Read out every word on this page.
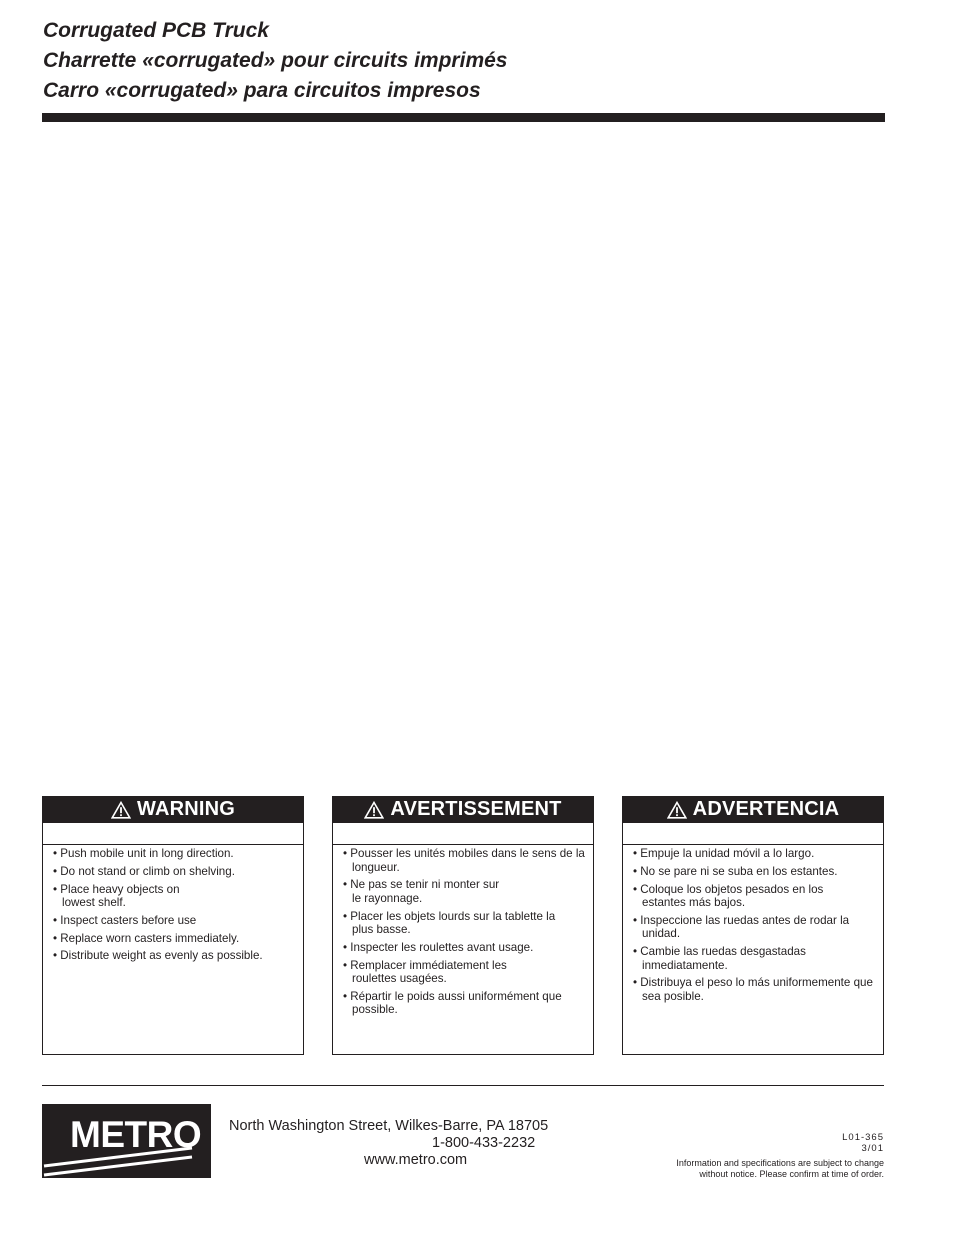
Corrugated PCB Truck
Charrette «corrugated» pour circuits imprimés
Carro «corrugated» para circuitos impresos
WARNING
• Push mobile unit in long direction.
• Do not stand or climb on shelving.
• Place heavy objects on lowest shelf.
• Inspect casters before use
• Replace worn casters immediately.
• Distribute weight as evenly as possible.
AVERTISSEMENT
• Pousser les unités mobiles dans le sens de la longueur.
• Ne pas se tenir ni monter sur le rayonnage.
• Placer les objets lourds sur la tablette la plus basse.
• Inspecter les roulettes avant usage.
• Remplacer immédiatement les roulettes usagées.
• Répartir le poids aussi uniformément que possible.
ADVERTENCIA
• Empuje la unidad móvil a lo largo.
• No se pare ni se suba en los estantes.
• Coloque los objetos pesados en los estantes más bajos.
• Inspeccione las ruedas antes de rodar la unidad.
• Cambie las ruedas desgastadas inmediatamente.
• Distribuya el peso lo más uniformemente que sea posible.
METRO North Washington Street, Wilkes-Barre, PA 18705
1-800-433-2232
www.metro.com
L01-365
3/01
Information and specifications are subject to change
without notice. Please confirm at time of order.
